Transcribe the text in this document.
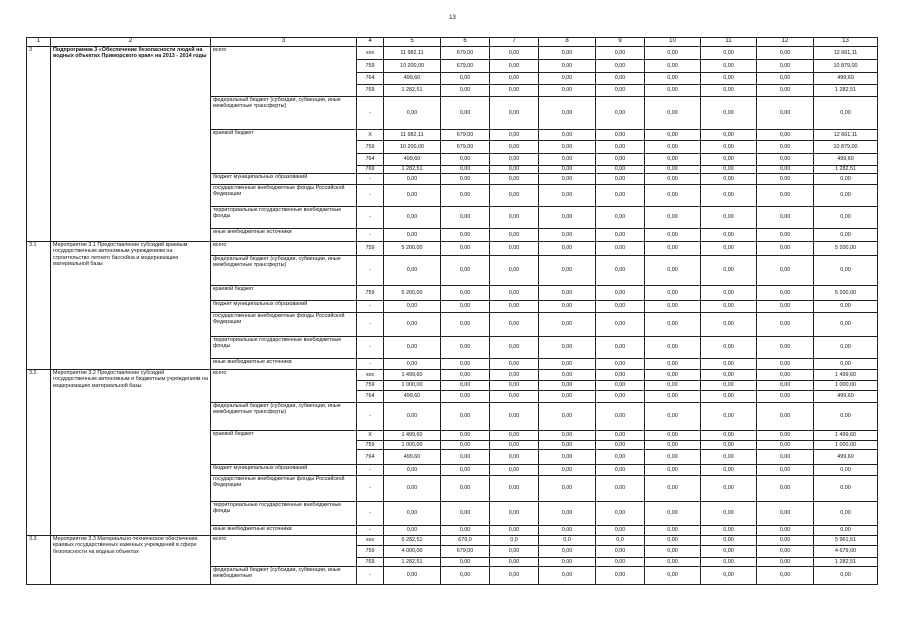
13
1	2	3	4	5	6	7	8	9	10	11	12	13
3	Подпрограмма 3 «Обеспечение безопасности людей на водных объектах Приморского края» на 2013 - 2014 годы	всего	xxx	11 982,11	679,00	0,00	0,00	0,00	0,00	0,00	0,00	12 661,11
			759	10 200,00	679,00	0,00	0,00	0,00	0,00	0,00	0,00	10 879,00
			764	499,60	0,00	0,00	0,00	0,00	0,00	0,00	0,00	499,60
			769	1 282,51	0,00	0,00	0,00	0,00	0,00	0,00	0,00	1 282,51
		федеральный бюджет (субсидии, субвенции, иные межбюджетные трансферты)	-	0,00	0,00	0,00	0,00	0,00	0,00	0,00	0,00	0,00
		краевой бюджет	X	11 982,11	679,00	0,00	0,00	0,00	0,00	0,00	0,00	12 661,11
			759	10 200,00	679,00	0,00	0,00	0,00	0,00	0,00	0,00	10 879,00
			764	499,60	0,00	0,00	0,00	0,00	0,00	0,00	0,00	499,60
			769	1 282,51	0,00	0,00	0,00	0,00	0,00	0,00	0,00	1 282,51
		бюджет муниципальных образований	-	0,00	0,00	0,00	0,00	0,00	0,00	0,00	0,00	0,00
		государственные внебюджетные фонды Российской Федерации	-	0,00	0,00	0,00	0,00	0,00	0,00	0,00	0,00	0,00
		территориальные государственные внебюджетные фонды	-	0,00	0,00	0,00	0,00	0,00	0,00	0,00	0,00	0,00
		иные внебюджетные источники	-	0,00	0,00	0,00	0,00	0,00	0,00	0,00	0,00	0,00
3.1	Мероприятие 3.1 Предоставление субсидий краевым государственным автономным учреждениям на строительство летнего бассейна и модернизацию материальной базы	всего	759	5 200,00	0,00	0,00	0,00	0,00	0,00	0,00	0,00	5 200,00
		федеральный бюджет (субсидии, субвенции, иные межбюджетные трансферты)	-	0,00	0,00	0,00	0,00	0,00	0,00	0,00	0,00	0,00
		краевой бюджет	759	5 200,00	0,00	0,00	0,00	0,00	0,00	0,00	0,00	5 200,00
		бюджет муниципальных образований	-	0,00	0,00	0,00	0,00	0,00	0,00	0,00	0,00	0,00
		государственные внебюджетные фонды Российской Федерации	-	0,00	0,00	0,00	0,00	0,00	0,00	0,00	0,00	0,00
		территориальные государственные внебюджетные фонды	-	0,00	0,00	0,00	0,00	0,00	0,00	0,00	0,00	0,00
		иные внебюджетные источники	-	0,00	0,00	0,00	0,00	0,00	0,00	0,00	0,00	0,00
3.2.	Мероприятие 3.2 Предоставление субсидий государственным автономным и бюджетным учреждениям на модернизацию материальной базы	всего	xxx	1 499,60	0,00	0,00	0,00	0,00	0,00	0,00	0,00	1 499,60
			759	1 000,00	0,00	0,00	0,00	0,00	0,00	0,00	0,00	1 000,00
			764	499,60	0,00	0,00	0,00	0,00	0,00	0,00	0,00	499,60
		федеральный бюджет (субсидии, субвенции, иные межбюджетные трансферты)	-	0,00	0,00	0,00	0,00	0,00	0,00	0,00	0,00	0,00
		краевой бюджет	X	1 499,60	0,00	0,00	0,00	0,00	0,00	0,00	0,00	1 499,60
			759	1 000,00	0,00	0,00	0,00	0,00	0,00	0,00	0,00	1 000,00
			764	499,60	0,00	0,00	0,00	0,00	0,00	0,00	0,00	499,60
		бюджет муниципальных образований	-	0,00	0,00	0,00	0,00	0,00	0,00	0,00	0,00	0,00
		государственные внебюджетные фонды Российской Федерации	-	0,00	0,00	0,00	0,00	0,00	0,00	0,00	0,00	0,00
		территориальные государственные внебюджетные фонды	-	0,00	0,00	0,00	0,00	0,00	0,00	0,00	0,00	0,00
		иные внебюджетные источники	-	0,00	0,00	0,00	0,00	0,00	0,00	0,00	0,00	0,00
3.3	Мероприятие 3.3 Материально-техническое обеспечение краевых государственных казенных учреждений в сфере безопасности на водных объектах	всего	xxx	5 282,51	679,0	0,0	0,0	0,0	0,00	0,00	0,00	5 961,51
			759	4 000,00	679,00	0,00	0,00	0,00	0,00	0,00	0,00	4 679,00
			769	1 282,51	0,00	0,00	0,00	0,00	0,00	0,00	0,00	1 282,51
		федеральный бюджет (субсидии, субвенции, иные межбюджетные	-	0,00	0,00	0,00	0,00	0,00	0,00	0,00	0,00	0,00
